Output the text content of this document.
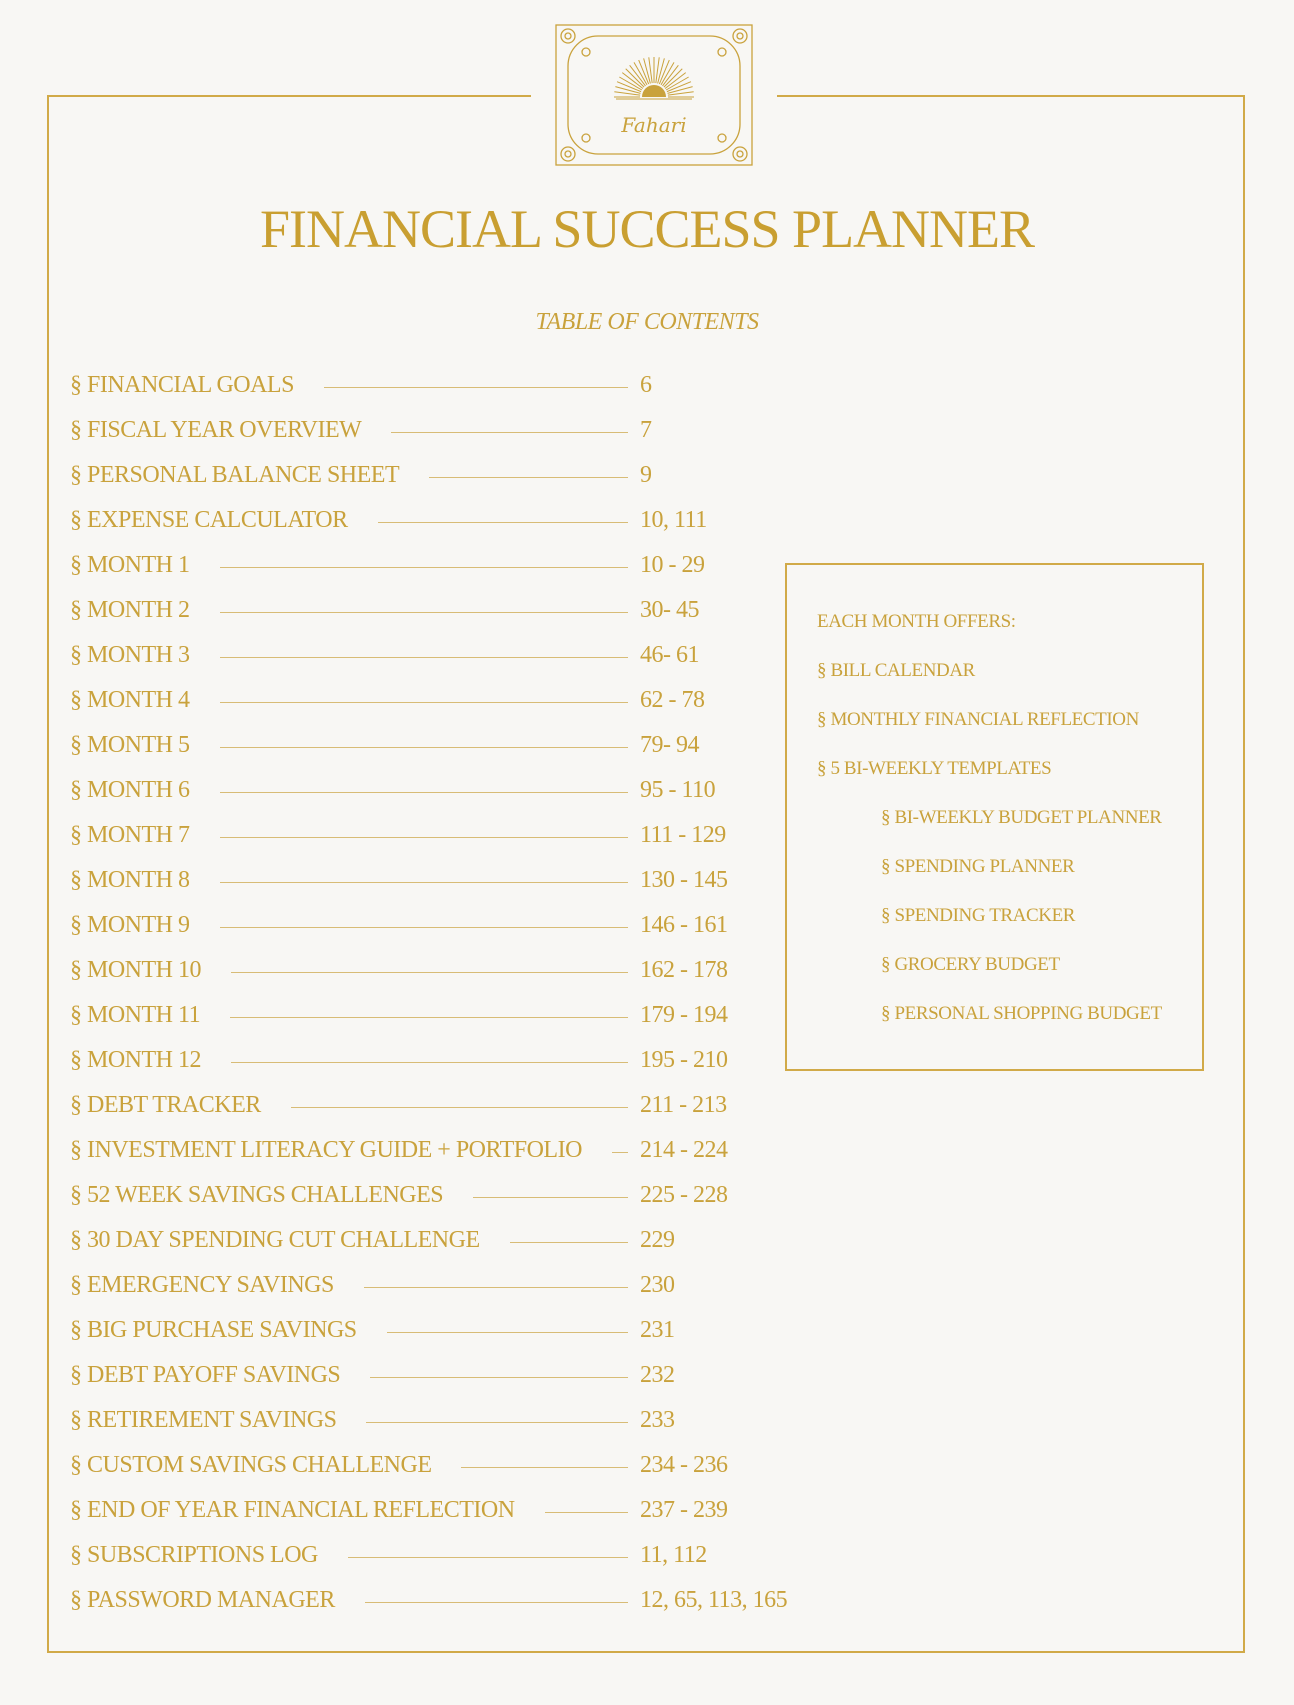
Fahari
FINANCIAL SUCCESS PLANNER
TABLE OF CONTENTS
§ FINANCIAL GOALS	6
§ FISCAL YEAR OVERVIEW	7
§ PERSONAL BALANCE SHEET	9
§ EXPENSE CALCULATOR	10, 111
§ MONTH 1	10 - 29
§ MONTH 2	30- 45
§ MONTH 3	46- 61
§ MONTH 4	62 - 78
§ MONTH 5	79- 94
§ MONTH 6	95 - 110
§ MONTH 7	111 - 129
§ MONTH 8	130 - 145
§ MONTH 9	146 - 161
§ MONTH 10	162 - 178
§ MONTH 11	179 - 194
§ MONTH 12	195 - 210
§ DEBT TRACKER	211 - 213
§ INVESTMENT LITERACY GUIDE + PORTFOLIO 214 - 224
§ 52 WEEK SAVINGS CHALLENGES	225 - 228
§ 30 DAY SPENDING CUT CHALLENGE	229
§ EMERGENCY SAVINGS	230
§ BIG PURCHASE SAVINGS	231
§ DEBT PAYOFF SAVINGS	232
§ RETIREMENT SAVINGS	233
§ CUSTOM SAVINGS CHALLENGE	234 - 236
§ END OF YEAR FINANCIAL REFLECTION	237 - 239
§ SUBSCRIPTIONS LOG	11, 112
§ PASSWORD MANAGER	12, 65, 113, 165
EACH MONTH OFFERS:
§ BILL CALENDAR
§ MONTHLY FINANCIAL REFLECTION
§ 5 BI-WEEKLY TEMPLATES
§ BI-WEEKLY BUDGET PLANNER
§ SPENDING PLANNER
§ SPENDING TRACKER
§ GROCERY BUDGET
§ PERSONAL SHOPPING BUDGET
